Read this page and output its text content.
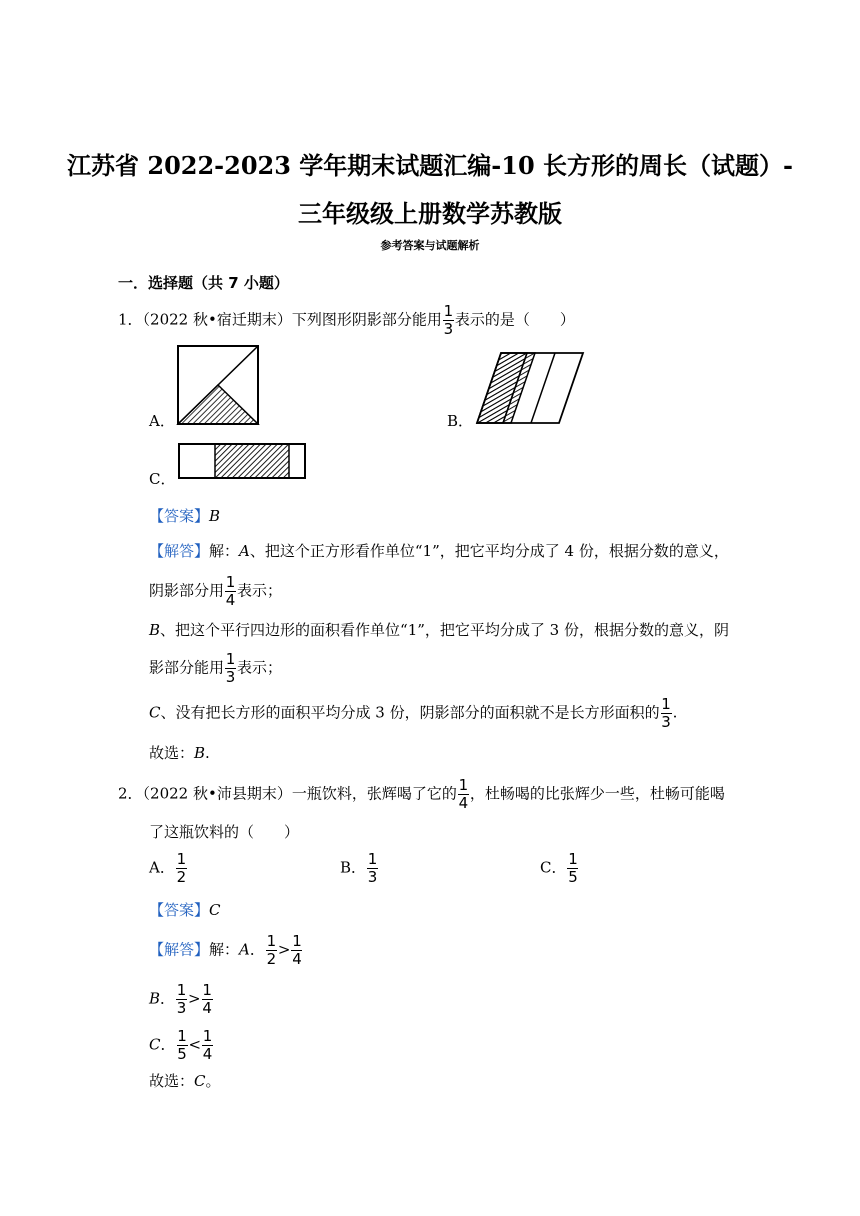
江苏省 2022-2023 学年期末试题汇编-10 长方形的周长（试题）-
三年级级上册数学苏教版
参考答案与试题解析
一．选择题（共 7 小题）
1．（2022 秋•宿迁期末）下列图形阴影部分能用 $\frac{1}{3}$ 表示的是（　　）
A．	B．
C．
【答案】B
【解答】解：A、把这个正方形看作单位“1”，把它平均分成了 4 份，根据分数的意义，
阴影部分用 $\frac{1}{4}$ 表示；
B、把这个平行四边形的面积看作单位“1”，把它平均分成了 3 份，根据分数的意义，阴
影部分能用 $\frac{1}{3}$ 表示；
C、没有把长方形的面积平均分成 3 份，阴影部分的面积就不是长方形面积的 $\frac{1}{3}$ .
故选：B.
2．（2022 秋•沛县期末）一瓶饮料，张辉喝了它的 $\frac{1}{4}$ ，杜畅喝的比张辉少一些，杜畅可能喝
了这瓶饮料的（　　）
A． $\frac{1}{2}$	B． $\frac{1}{3}$	C． $\frac{1}{5}$
【答案】C
【解答】解：A． $\frac{1}{2} > \frac{1}{4}$
B． $\frac{1}{3} > \frac{1}{4}$
C． $\frac{1}{5} < \frac{1}{4}$
故选：C。
